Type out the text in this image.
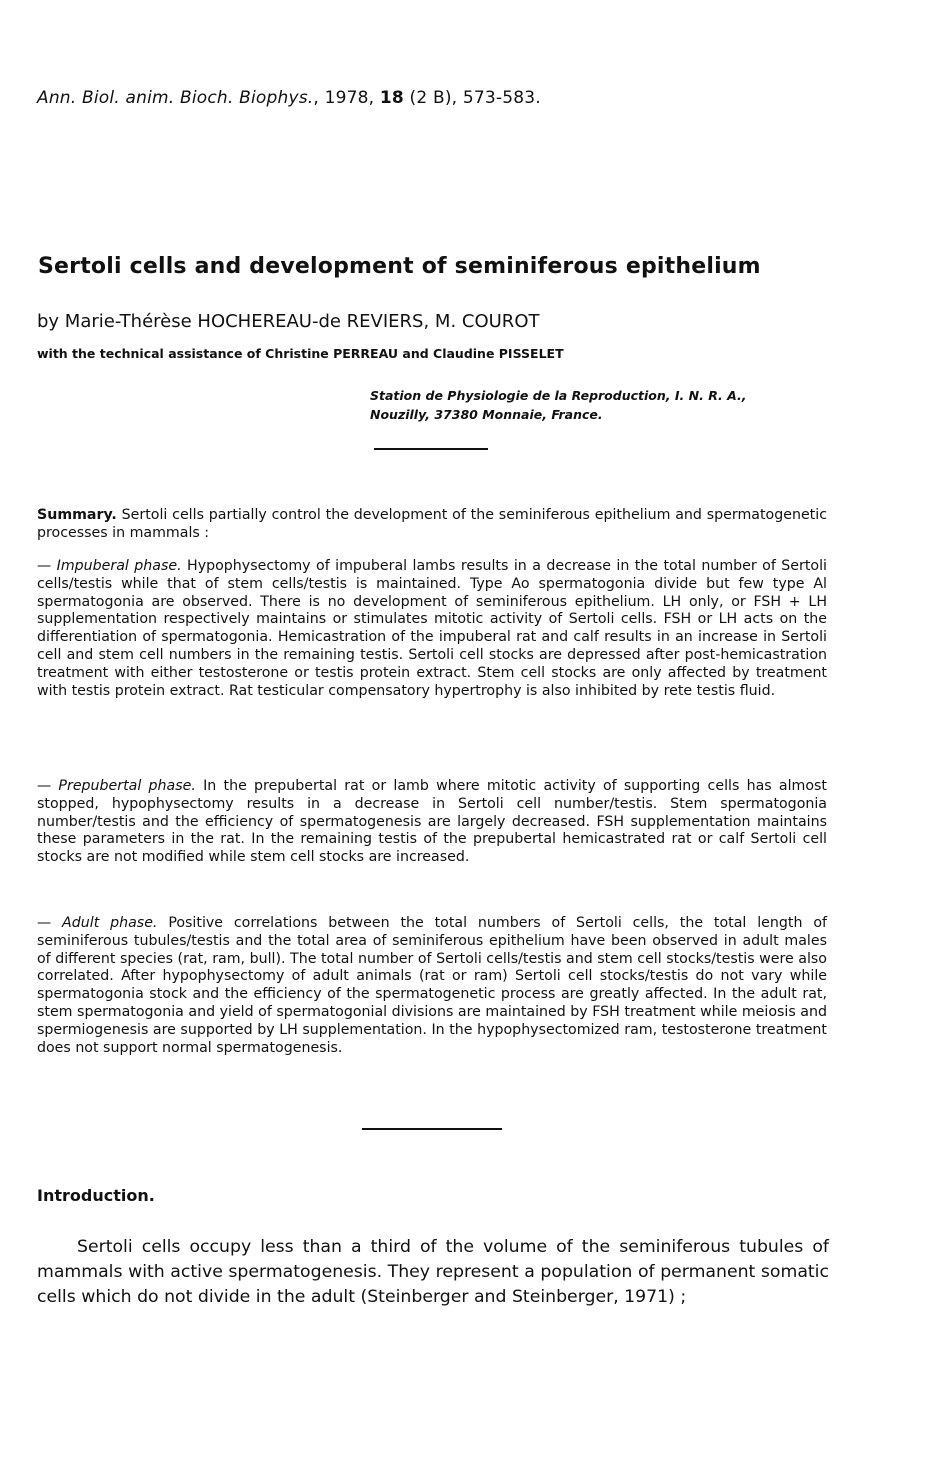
Ann. Biol. anim. Bioch. Biophys., 1978, 18 (2 B), 573-583.
Sertoli cells and development of seminiferous epithelium
by Marie-Thérèse HOCHEREAU-de REVIERS, M. COUROT
with the technical assistance of Christine PERREAU and Claudine PISSELET
Station de Physiologie de la Reproduction, I. N. R. A.,
Nouzilly, 37380 Monnaie, France.
Summary. Sertoli cells partially control the development of the seminiferous epithelium and spermatogenetic processes in mammals :
— Impuberal phase. Hypophysectomy of impuberal lambs results in a decrease in the total number of Sertoli cells/testis while that of stem cells/testis is maintained. Type Ao spermatogonia divide but few type Al spermatogonia are observed. There is no development of seminiferous epithelium. LH only, or FSH + LH supplementation respectively maintains or stimulates mitotic activity of Sertoli cells. FSH or LH acts on the differentiation of spermatogonia. Hemicastration of the impuberal rat and calf results in an increase in Sertoli cell and stem cell numbers in the remaining testis. Sertoli cell stocks are depressed after post-hemicastration treatment with either testosterone or testis protein extract. Stem cell stocks are only affected by treatment with testis protein extract. Rat testicular compensatory hypertrophy is also inhibited by rete testis fluid.
— Prepubertal phase. In the prepubertal rat or lamb where mitotic activity of supporting cells has almost stopped, hypophysectomy results in a decrease in Sertoli cell number/testis. Stem spermatogonia number/testis and the efficiency of spermatogenesis are largely decreased. FSH supplementation maintains these parameters in the rat. In the remaining testis of the prepubertal hemicastrated rat or calf Sertoli cell stocks are not modified while stem cell stocks are increased.
— Adult phase. Positive correlations between the total numbers of Sertoli cells, the total length of seminiferous tubules/testis and the total area of seminiferous epithelium have been observed in adult males of different species (rat, ram, bull). The total number of Sertoli cells/testis and stem cell stocks/testis were also correlated. After hypophysectomy of adult animals (rat or ram) Sertoli cell stocks/testis do not vary while spermatogonia stock and the efficiency of the spermatogenetic process are greatly affected. In the adult rat, stem spermatogonia and yield of spermatogonial divisions are maintained by FSH treatment while meiosis and spermiogenesis are supported by LH supplementation. In the hypophysectomized ram, testosterone treatment does not support normal spermatogenesis.
Introduction.
Sertoli cells occupy less than a third of the volume of the seminiferous tubules of mammals with active spermatogenesis. They represent a population of permanent somatic cells which do not divide in the adult (Steinberger and Steinberger, 1971) ;
